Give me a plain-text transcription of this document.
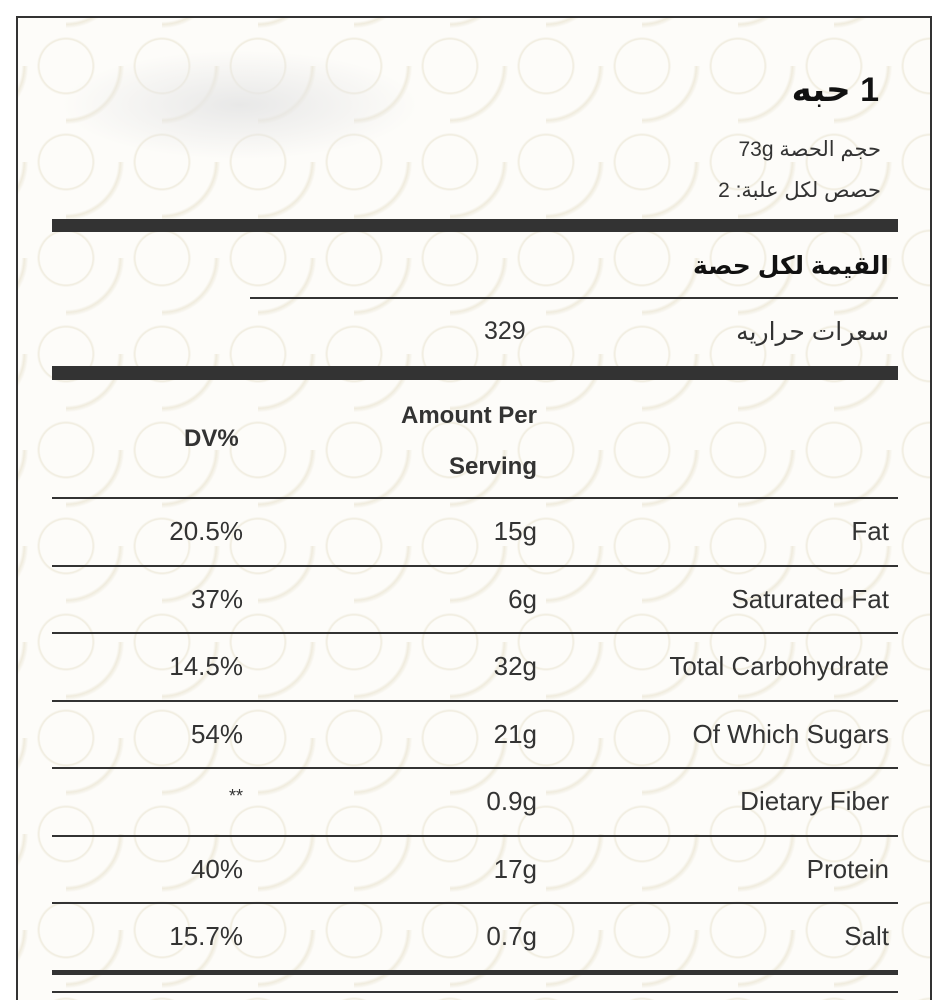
1 حبه
حجم الحصة 73g
حصص لكل علبة: 2
القيمة لكل حصة
سعرات حراريه
329
DV%
Amount Per
Serving
Fat
15g
20.5%
Saturated Fat
6g
37%
Total Carbohydrate
32g
14.5%
Of Which Sugars
21g
54%
Dietary Fiber
0.9g
**
Protein
17g
40%
Salt
0.7g
15.7%
